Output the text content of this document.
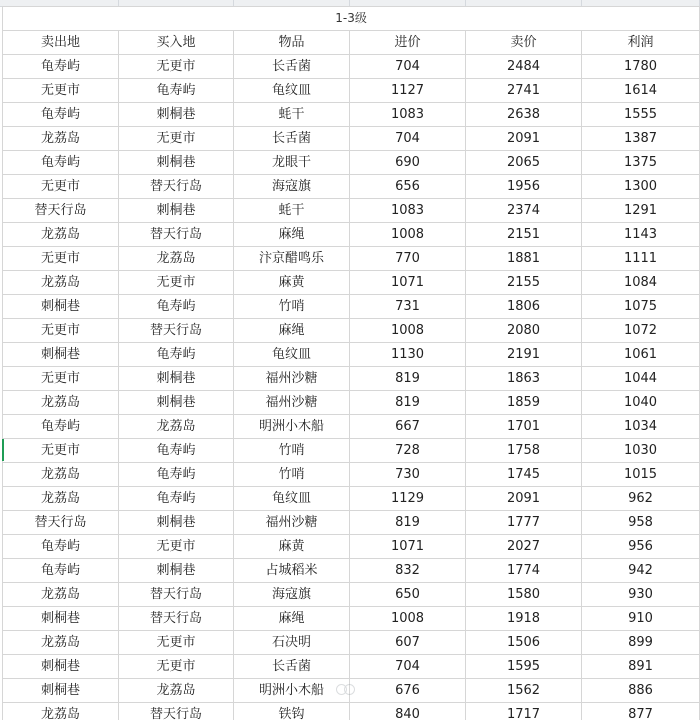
1-3级					
卖出地	买入地	物品	进价	卖价	利润
龟寿屿	无更市	长舌菌	704	2484	1780
无更市	龟寿屿	龟纹皿	1127	2741	1614
龟寿屿	刺桐巷	蚝干	1083	2638	1555
龙荔岛	无更市	长舌菌	704	2091	1387
龟寿屿	刺桐巷	龙眼干	690	2065	1375
无更市	替天行岛	海寇旗	656	1956	1300
替天行岛	刺桐巷	蚝干	1083	2374	1291
龙荔岛	替天行岛	麻绳	1008	2151	1143
无更市	龙荔岛	汴京醋鸣乐	770	1881	1111
龙荔岛	无更市	麻黄	1071	2155	1084
刺桐巷	龟寿屿	竹哨	731	1806	1075
无更市	替天行岛	麻绳	1008	2080	1072
刺桐巷	龟寿屿	龟纹皿	1130	2191	1061
无更市	刺桐巷	福州沙糖	819	1863	1044
龙荔岛	刺桐巷	福州沙糖	819	1859	1040
龟寿屿	龙荔岛	明洲小木船	667	1701	1034
无更市	龟寿屿	竹哨	728	1758	1030
龙荔岛	龟寿屿	竹哨	730	1745	1015
龙荔岛	龟寿屿	龟纹皿	1129	2091	962
替天行岛	刺桐巷	福州沙糖	819	1777	958
龟寿屿	无更市	麻黄	1071	2027	956
龟寿屿	刺桐巷	占城稻米	832	1774	942
龙荔岛	替天行岛	海寇旗	650	1580	930
刺桐巷	替天行岛	麻绳	1008	1918	910
龙荔岛	无更市	石决明	607	1506	899
刺桐巷	无更市	长舌菌	704	1595	891
刺桐巷	龙荔岛	明洲小木船	676	1562	886
龙荔岛	替天行岛	铁钩	840	1717	877
